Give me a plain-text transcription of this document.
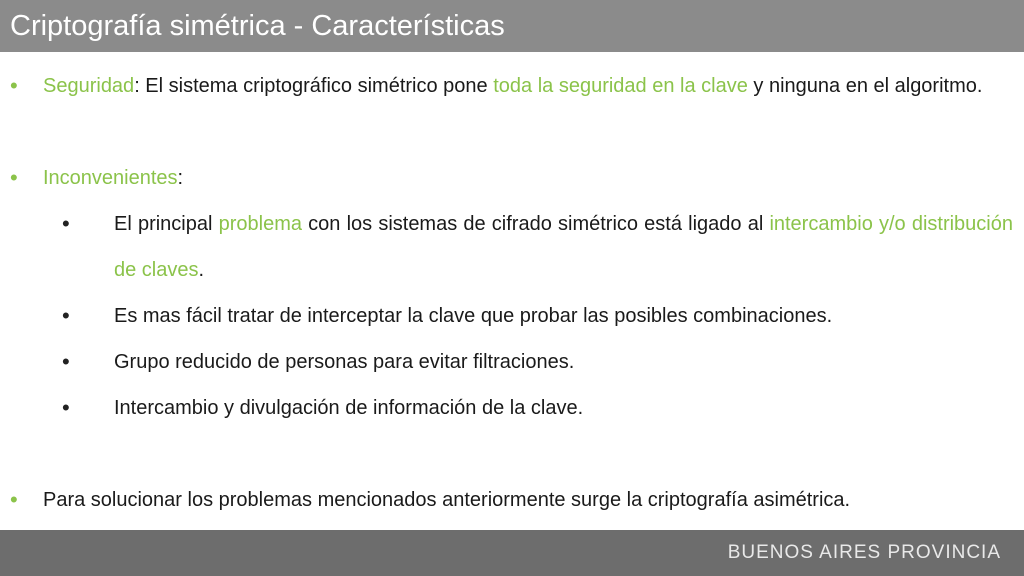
Criptografía simétrica - Características
• Seguridad: El sistema criptográfico simétrico pone toda la seguridad en la clave y ninguna en el algoritmo.
• Inconvenientes:
• El principal problema con los sistemas de cifrado simétrico está ligado al intercambio y/o distribución de claves.
• Es mas fácil tratar de interceptar la clave que probar las posibles combinaciones.
• Grupo reducido de personas para evitar filtraciones.
• Intercambio y divulgación de información de la clave.
• Para solucionar los problemas mencionados anteriormente surge la criptografía asimétrica.
BUENOS AIRES PROVINCIA
